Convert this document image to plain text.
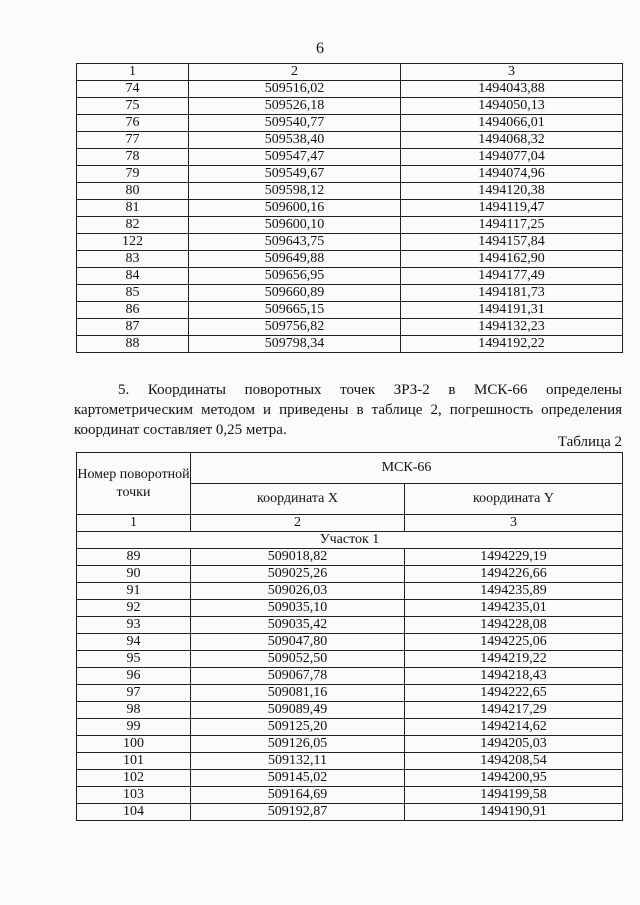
6
1	2	3
74	509516,02	1494043,88
75	509526,18	1494050,13
76	509540,77	1494066,01
77	509538,40	1494068,32
78	509547,47	1494077,04
79	509549,67	1494074,96
80	509598,12	1494120,38
81	509600,16	1494119,47
82	509600,10	1494117,25
122	509643,75	1494157,84
83	509649,88	1494162,90
84	509656,95	1494177,49
85	509660,89	1494181,73
86	509665,15	1494191,31
87	509756,82	1494132,23
88	509798,34	1494192,22

5. Координаты поворотных точек ЗРЗ-2 в МСК-66 определены картометрическим методом и приведены в таблице 2, погрешность определения координат составляет 0,25 метра.

Таблица 2
Номер поворотной точки	МСК-66	
	координата X	координата Y
1	2	3
Участок 1		
89	509018,82	1494229,19
90	509025,26	1494226,66
91	509026,03	1494235,89
92	509035,10	1494235,01
93	509035,42	1494228,08
94	509047,80	1494225,06
95	509052,50	1494219,22
96	509067,78	1494218,43
97	509081,16	1494222,65
98	509089,49	1494217,29
99	509125,20	1494214,62
100	509126,05	1494205,03
101	509132,11	1494208,54
102	509145,02	1494200,95
103	509164,69	1494199,58
104	509192,87	1494190,91
